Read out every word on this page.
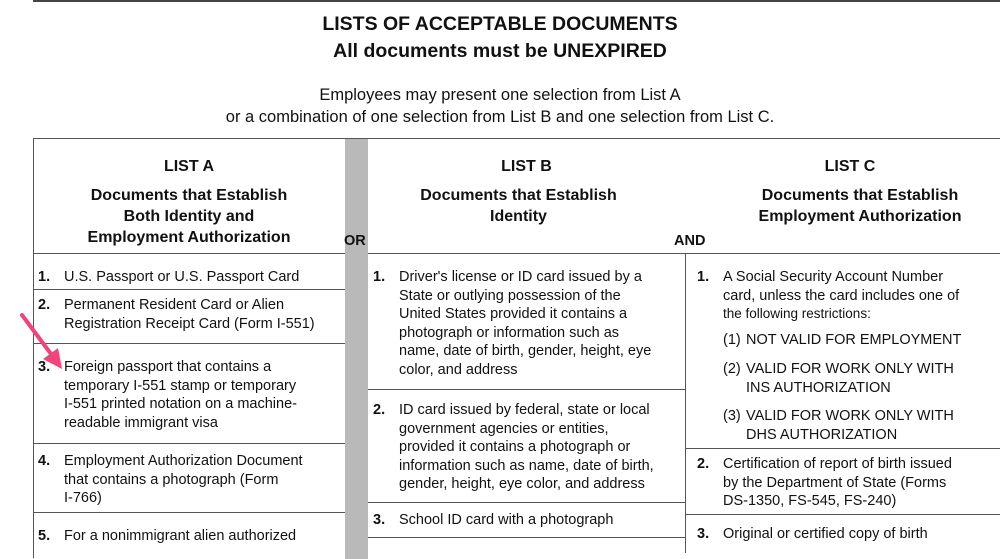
LISTS OF ACCEPTABLE DOCUMENTS
All documents must be UNEXPIRED
Employees may present one selection from List A
or a combination of one selection from List B and one selection from List C.
LIST A
Documents that Establish
Both Identity and
Employment Authorization	OR
LIST B
Documents that Establish
Identity
AND
LIST C
Documents that Establish
Employment Authorization
1. U.S. Passport or U.S. Passport Card
2. Permanent Resident Card or Alien
Registration Receipt Card (Form I-551)
3. Foreign passport that contains a
temporary I-551 stamp or temporary
I-551 printed notation on a machine-
readable immigrant visa
4. Employment Authorization Document
that contains a photograph (Form
I-766)
5. For a nonimmigrant alien authorized
1. Driver's license or ID card issued by a
State or outlying possession of the
United States provided it contains a
photograph or information such as
name, date of birth, gender, height, eye
color, and address
2. ID card issued by federal, state or local
government agencies or entities,
provided it contains a photograph or
information such as name, date of birth,
gender, height, eye color, and address
3. School ID card with a photograph
1. A Social Security Account Number
card, unless the card includes one of
the following restrictions:
(1) NOT VALID FOR EMPLOYMENT
(2) VALID FOR WORK ONLY WITH
INS AUTHORIZATION
(3) VALID FOR WORK ONLY WITH
DHS AUTHORIZATION
2. Certification of report of birth issued
by the Department of State (Forms
DS-1350, FS-545, FS-240)
3. Original or certified copy of birth
